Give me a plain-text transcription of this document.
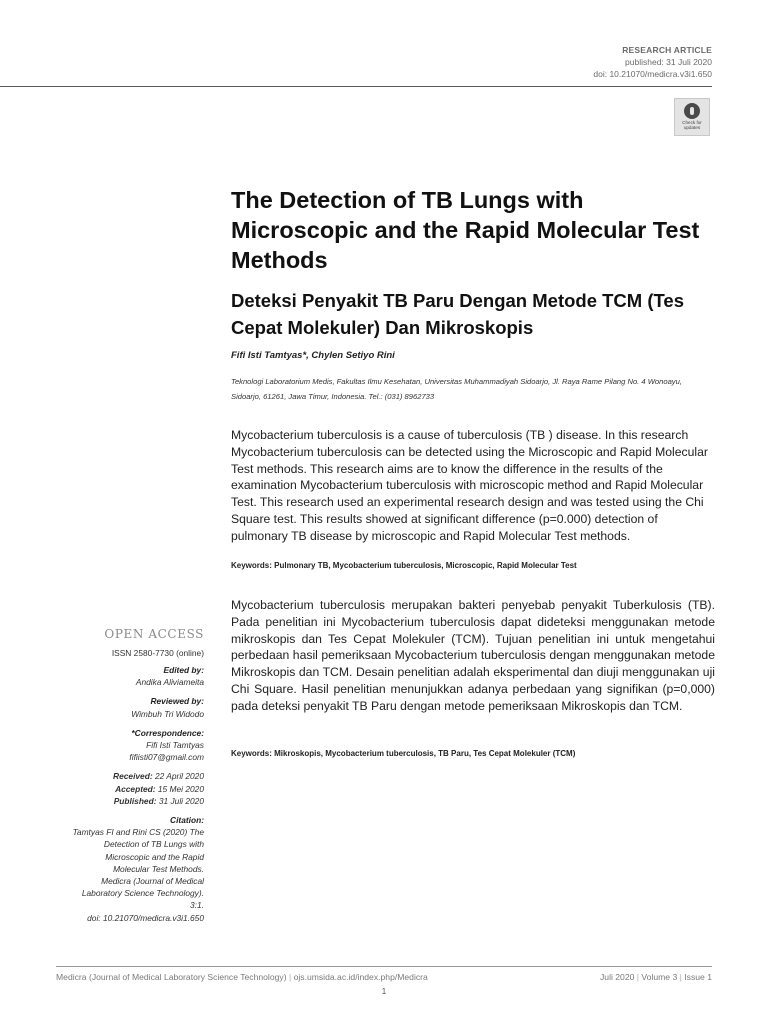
RESEARCH ARTICLE
published: 31 Juli 2020
doi: 10.21070/medicra.v3i1.650
Check for
updates
The Detection of TB Lungs with Microscopic and the Rapid Molecular Test Methods
Deteksi Penyakit TB Paru Dengan Metode TCM (Tes Cepat Molekuler) Dan Mikroskopis
Fifi Isti Tamtyas*, Chylen Setiyo Rini
Teknologi Laboratorium Medis, Fakultas Ilmu Kesehatan, Universitas Muhammadiyah Sidoarjo, Jl. Raya Rame Pilang No. 4 Wonoayu, Sidoarjo, 61261, Jawa Timur, Indonesia. Tel.: (031) 8962733

Mycobacterium tuberculosis is a cause of tuberculosis (TB ) disease. In this research Mycobacterium tuberculosis can be detected using the Microscopic and Rapid Molecular Test methods. This research aims are to know the difference in the results of the examination Mycobacterium tuberculosis with microscopic method and Rapid Molecular Test. This research used an experimental research design and was tested using the Chi Square test. This results showed at significant difference (p=0.000) detection of pulmonary TB disease by microscopic and Rapid Molecular Test methods.

Keywords: Pulmonary TB, Mycobacterium tuberculosis, Microscopic, Rapid Molecular Test

Mycobacterium tuberculosis merupakan bakteri penyebab penyakit Tuberkulosis (TB). Pada penelitian ini Mycobacterium tuberculosis dapat dideteksi menggunakan metode mikroskopis dan Tes Cepat Molekuler (TCM). Tujuan penelitian ini untuk mengetahui perbedaan hasil pemeriksaan Mycobacterium tuberculosis dengan menggunakan metode Mikroskopis dan TCM. Desain penelitian adalah eksperimental dan diuji menggunakan uji Chi Square. Hasil penelitian menunjukkan adanya perbedaan yang signifikan (p=0,000) pada deteksi penyakit TB Paru dengan metode pemeriksaan Mikroskopis dan TCM.

Keywords: Mikroskopis, Mycobacterium tuberculosis, TB Paru, Tes Cepat Molekuler (TCM)
OPEN ACCESS
ISSN 2580-7730 (online)
Edited by:
Andika Aliviameita
Reviewed by:
Wimbuh Tri Widodo
*Correspondence:
Fifi Isti Tamtyas
fifiisti07@gmail.com
Received: 22 April 2020
Accepted: 15 Mei 2020
Published: 31 Juli 2020
Citation:
Tamtyas FI and Rini CS (2020) The
Detection of TB Lungs with
Microscopic and the Rapid
Molecular Test Methods.
Medicra (Journal of Medical
Laboratory Science Technology).
3:1.
doi: 10.21070/medicra.v3i1.650
Medicra (Journal of Medical Laboratory Science Technology) | ojs.umsida.ac.id/index.php/Medicra	Juli 2020 | Volume 3 | Issue 1
1
